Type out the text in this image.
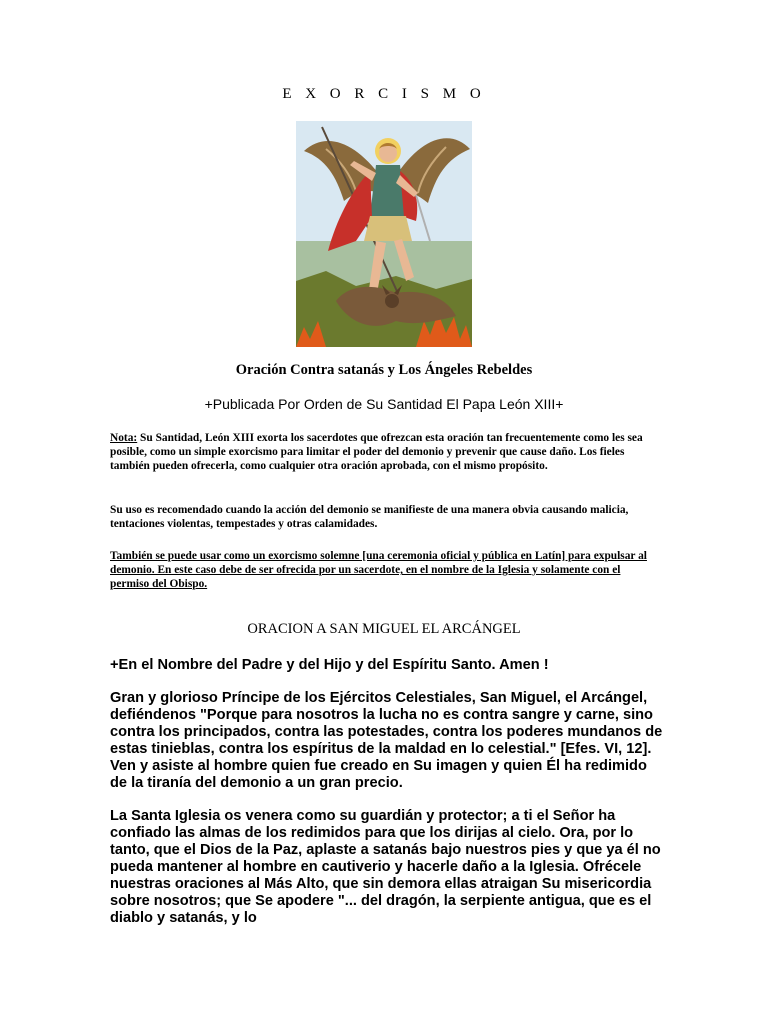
E X O R C I S M O
Oración Contra satanás y Los Ángeles Rebeldes
+Publicada Por Orden de Su Santidad El Papa León XIII+
Nota: Su Santidad, León XIII exorta los sacerdotes que ofrezcan esta oración tan frecuentemente como les sea posible, como un simple exorcismo para limitar el poder del demonio y prevenir que cause daño. Los fieles también pueden ofrecerla, como cualquier otra oración aprobada, con el mismo propósito.
Su uso es recomendado cuando la acción del demonio se manifieste de una manera obvia causando malicia, tentaciones violentas, tempestades y otras calamidades.
También se puede usar como un exorcismo solemne [una ceremonia oficial y pública en Latín] para expulsar al demonio. En este caso debe de ser ofrecida por un sacerdote, en el nombre de la Iglesia y solamente con el permiso del Obispo.
ORACION A SAN MIGUEL EL ARCÁNGEL
+En el Nombre del Padre y del Hijo y del Espíritu Santo. Amen !
Gran y glorioso Príncipe de los Ejércitos Celestiales, San Miguel, el Arcángel, defiéndenos "Porque para nosotros la lucha no es contra sangre y carne, sino contra los principados, contra las potestades, contra los poderes mundanos de estas tinieblas, contra los espíritus de la maldad en lo celestial." [Efes. VI, 12]. Ven y asiste al hombre quien fue creado en Su imagen y quien Él ha redimido de la tiranía del demonio a un gran precio.
La Santa Iglesia os venera como su guardián y protector; a ti el Señor ha confiado las almas de los redimidos para que los dirijas al cielo. Ora, por lo tanto, que el Dios de la Paz, aplaste a satanás bajo nuestros pies y que ya él no pueda mantener al hombre en cautiverio y hacerle daño a la Iglesia. Ofrécele nuestras oraciones al Más Alto, que sin demora ellas atraigan Su misericordia sobre nosotros; que Se apodere "... del dragón, la serpiente antigua, que es el diablo y satanás, y lo
